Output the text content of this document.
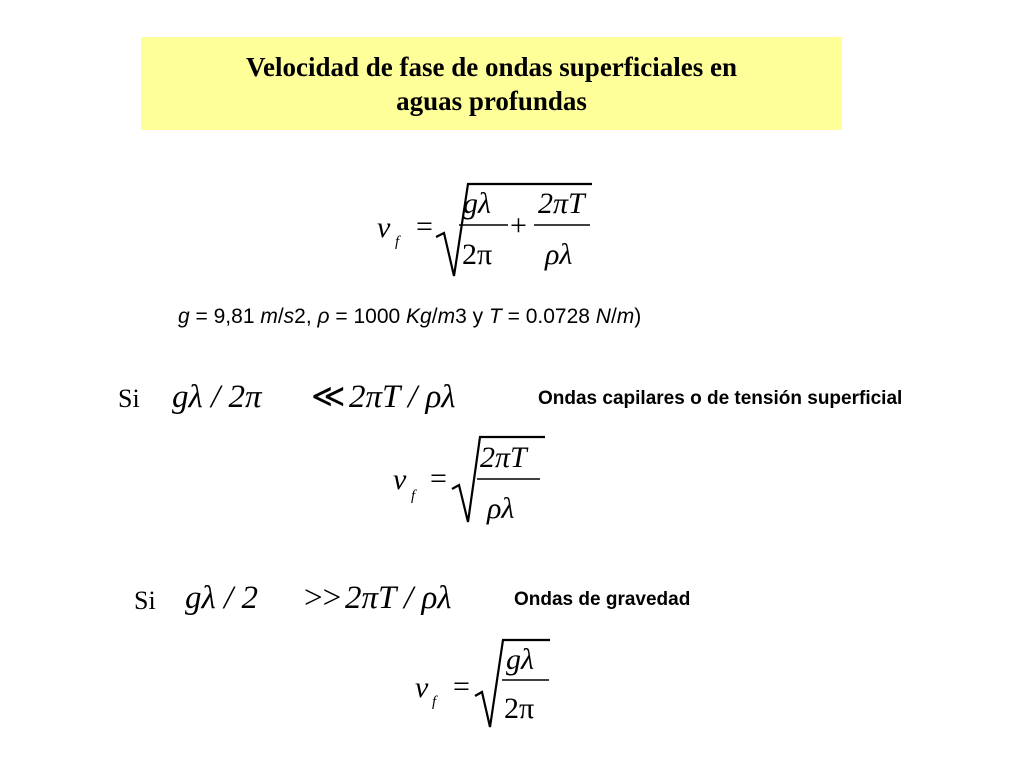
Velocidad de fase de ondas superficiales en
aguas profundas
v f =
gλ
2π
+
2πT
ρλ
g = 9,81 m/s2, ρ = 1000 Kg/m3 y T = 0.0728 N/m)
Si gλ / 2π ≪ 2πT / ρλ	Ondas capilares o de tensión superficial
v f
=
2πT
ρλ
Si gλ / 2 >> 2πT / ρλ	Ondas de gravedad
v f =
gλ
2π
